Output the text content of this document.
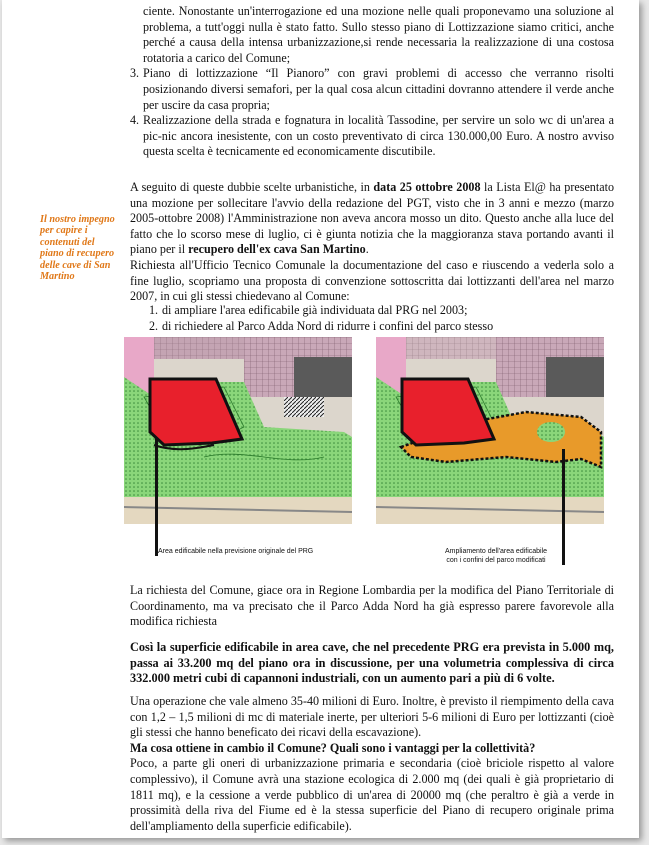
ciente. Nonostante un'interrogazione ed una mozione nelle quali proponevamo una soluzione al problema, a tutt'oggi nulla è stato fatto. Sullo stesso piano di Lottizzazione siamo critici, anche perché a causa della intensa urbanizzazione,si rende necessaria la realizzazione di una costosa rotatoria a carico del Comune;
3. Piano di lottizzazione “Il Pianoro” con gravi problemi di accesso che verranno risolti posizionando diversi semafori, per la qual cosa alcun cittadini dovranno attendere il verde anche per uscire da casa propria;
4. Realizzazione della strada e fognatura in località Tassodine, per servire un solo wc di un'area a pic-nic ancora inesistente, con un costo preventivato di circa 130.000,00 Euro. A nostro avviso questa scelta è tecnicamente ed economicamente discutibile.
Il nostro impegno per capire i contenuti del piano di recupero delle cave di San Martino
A seguito di queste dubbie scelte urbanistiche, in data 25 ottobre 2008 la Lista El@ ha presentato una mozione per sollecitare l'avvio della redazione del PGT, visto che in 3 anni e mezzo (marzo 2005-ottobre 2008) l'Amministrazione non aveva ancora mosso un dito. Questo anche alla luce del fatto che lo scorso mese di luglio, ci è giunta notizia che la maggioranza stava portando avanti il piano per il recupero dell'ex cava San Martino.
Richiesta all'Ufficio Tecnico Comunale la documentazione del caso e riuscendo a vederla solo a fine luglio, scopriamo una proposta di convenzione sottoscritta dai lottizzanti dell'area nel marzo 2007, in cui gli stessi chiedevano al Comune:
1. di ampliare l'area edificabile già individuata dal PRG nel 2003;
2. di richiedere al Parco Adda Nord di ridurre i confini del parco stesso
Area edificabile nella previsione originale del PRG	Ampliamento dell'area edificabile
con i confini del parco modificati
La richiesta del Comune, giace ora in Regione Lombardia per la modifica del Piano Territoriale di Coordinamento, ma va precisato che il Parco Adda Nord ha già espresso parere favorevole alla modifica richiesta
Così la superficie edificabile in area cave, che nel precedente PRG era prevista in 5.000 mq, passa ai 33.200 mq del piano ora in discussione, per una volumetria complessiva di circa 332.000 metri cubi di capannoni industriali, con un aumento pari a più di 6 volte.
Una operazione che vale almeno 35-40 milioni di Euro. Inoltre, è previsto il riempimento della cava con 1,2 – 1,5 milioni di mc di materiale inerte, per ulteriori 5-6 milioni di Euro per lottizzanti (cioè gli stessi che hanno beneficato dei ricavi della escavazione).
Ma cosa ottiene in cambio il Comune? Quali sono i vantaggi per la collettività?
Poco, a parte gli oneri di urbanizzazione primaria e secondaria (cioè briciole rispetto al valore complessivo), il Comune avrà una stazione ecologica di 2.000 mq (dei quali è già proprietario di 1811 mq), e la cessione a verde pubblico di un'area di 20000 mq (che peraltro è già a verde in prossimità della riva del Fiume ed è la stessa superficie del Piano di recupero originale prima dell'ampliamento della superficie edificabile).
